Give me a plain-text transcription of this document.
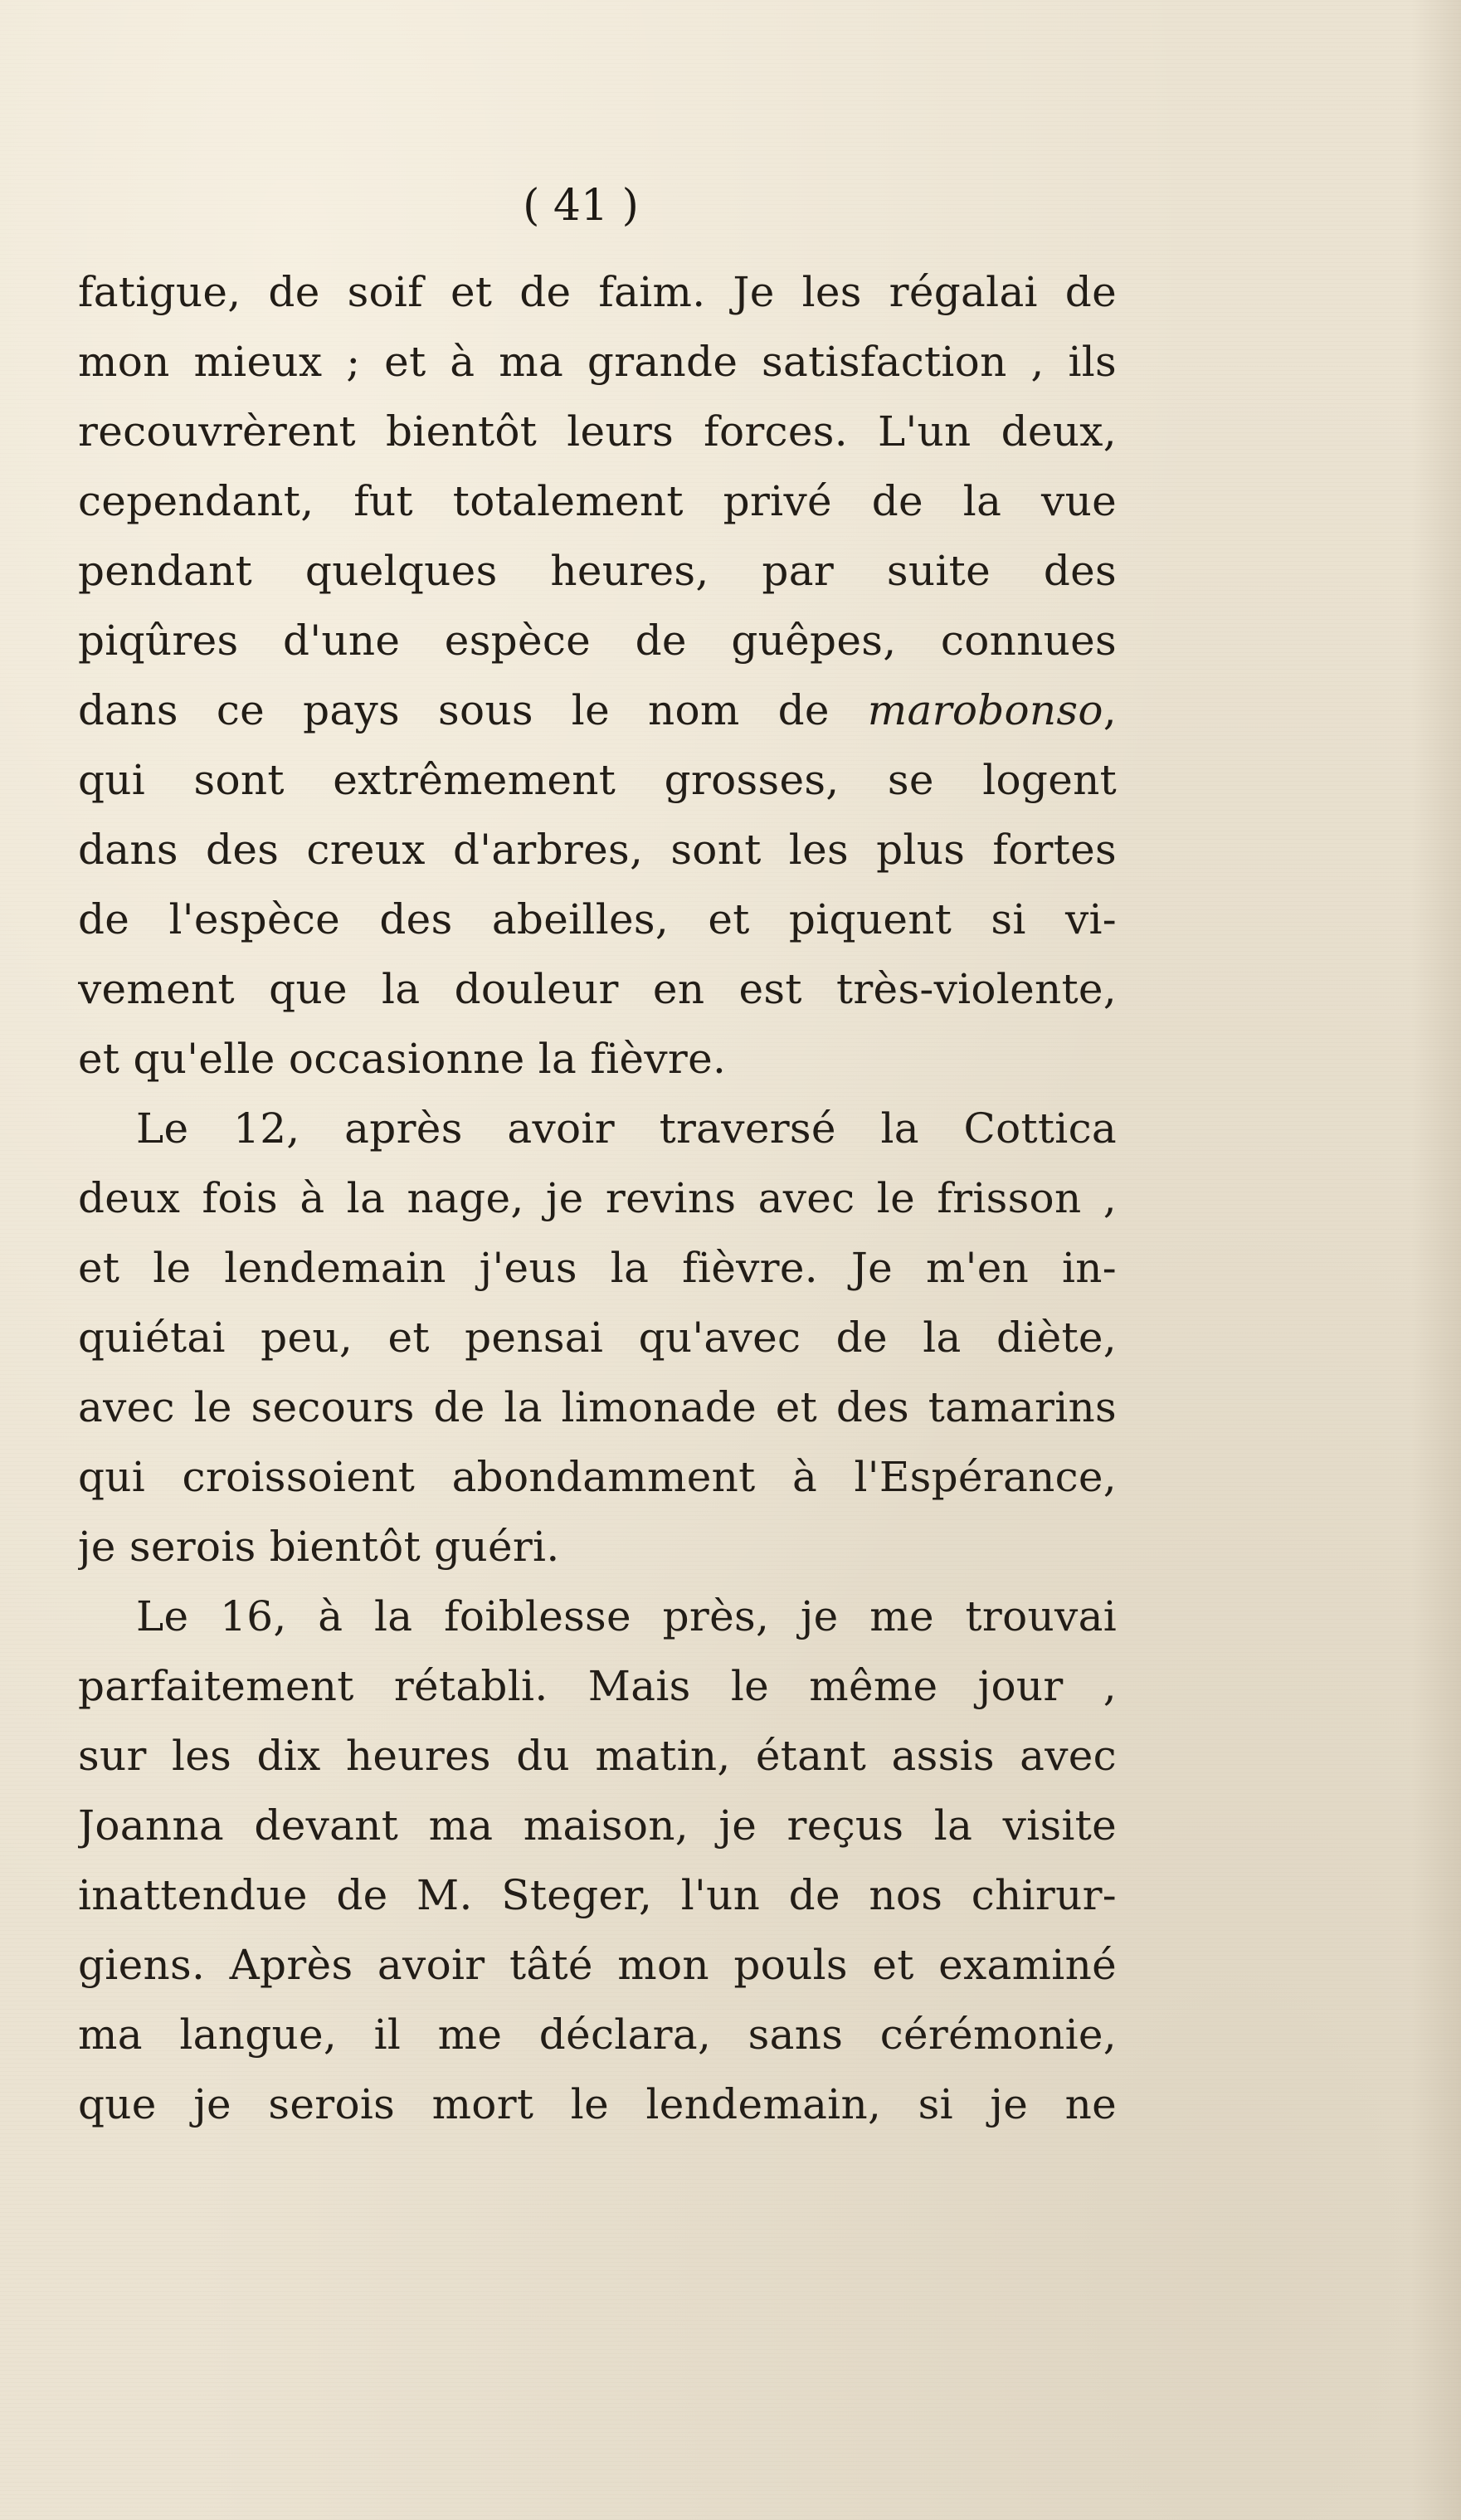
( 41 )

fatigue, de soif et de faim. Je les régalai de
mon mieux ; et à ma grande satisfaction , ils
recouvrèrent bientôt leurs forces. L'un deux,
cependant, fut totalement privé de la vue
pendant quelques heures, par suite des
piqûres d'une espèce de guêpes, connues
dans ce pays sous le nom de marobonso,
qui sont extrêmement grosses, se logent
dans des creux d'arbres, sont les plus fortes
de l'espèce des abeilles, et piquent si vi-
vement que la douleur en est très-violente,
et qu'elle occasionne la fièvre.
Le 12, après avoir traversé la Cottica
deux fois à la nage, je revins avec le frisson ,
et le lendemain j'eus la fièvre. Je m'en in-
quiétai peu, et pensai qu'avec de la diète,
avec le secours de la limonade et des tamarins
qui croissoient abondamment à l'Espérance,
je serois bientôt guéri.
Le 16, à la foiblesse près, je me trouvai
parfaitement rétabli. Mais le même jour ,
sur les dix heures du matin, étant assis avec
Joanna devant ma maison, je reçus la visite
inattendue de M. Steger, l'un de nos chirur-
giens. Après avoir tâté mon pouls et examiné
ma langue, il me déclara, sans cérémonie,
que je serois mort le lendemain, si je ne
